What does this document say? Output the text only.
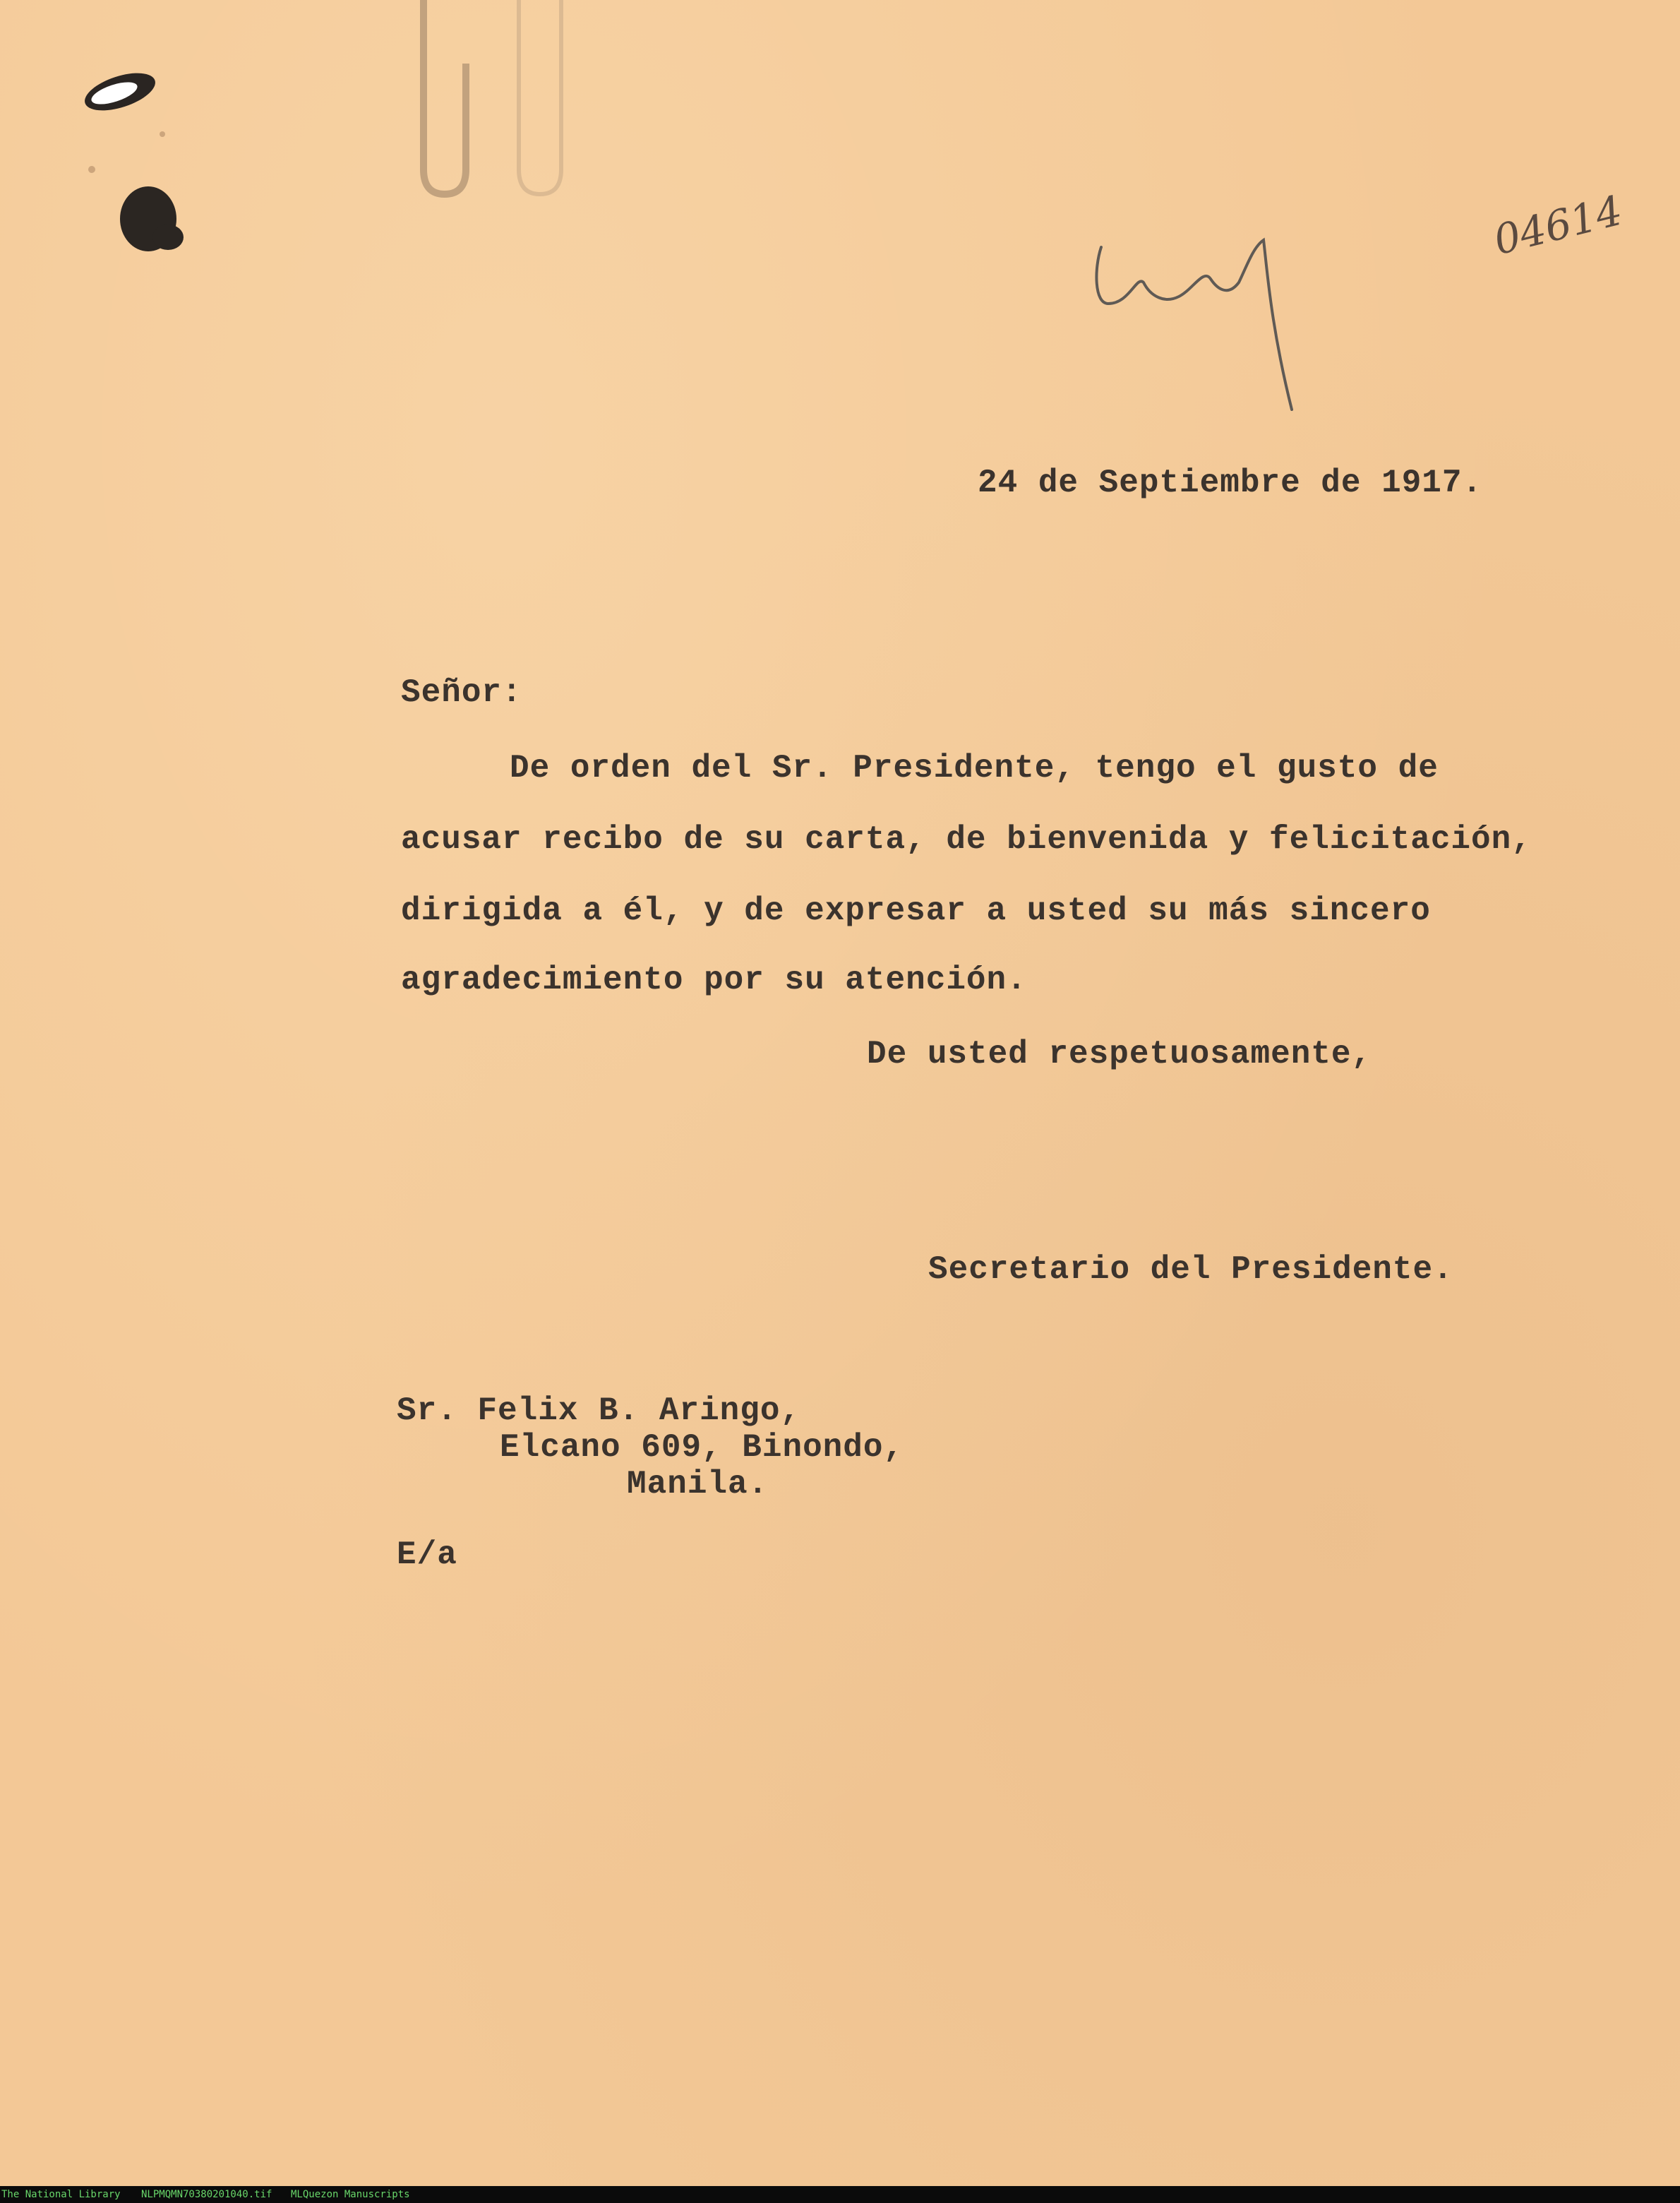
04614
24 de Septiembre de 1917.
Señor:
De orden del Sr. Presidente, tengo el gusto de
acusar recibo de su carta, de bienvenida y felicitación,
dirigida a él, y de expresar a usted su más sincero
agradecimiento por su atención.
De usted respetuosamente,
Secretario del Presidente.
Sr. Felix B. Aringo,
Elcano 609, Binondo,
Manila.
E/a
The National Library NLPMQMN70380201040.tif MLQuezon Manuscripts
